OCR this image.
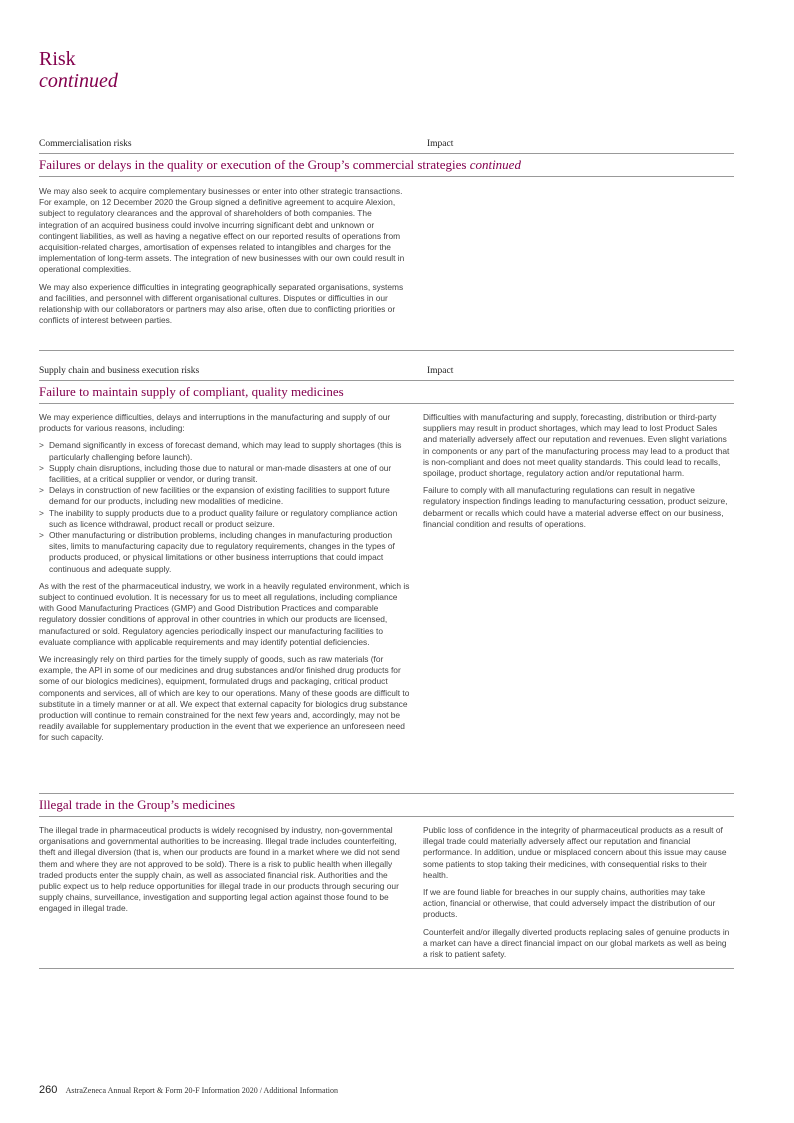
Risk
continued
Commercialisation risks	Impact
Failures or delays in the quality or execution of the Group’s commercial strategies continued

We may also seek to acquire complementary businesses or enter into other strategic transactions. For example, on 12 December 2020 the Group signed a definitive agreement to acquire Alexion, subject to regulatory clearances and the approval of shareholders of both companies. The integration of an acquired business could involve incurring significant debt and unknown or contingent liabilities, as well as having a negative effect on our reported results of operations from acquisition-related charges, amortisation of expenses related to intangibles and charges for the implementation of long-term assets. The integration of new businesses with our own could result in operational complexities.

We may also experience difficulties in integrating geographically separated organisations, systems and facilities, and personnel with different organisational cultures. Disputes or difficulties in our relationship with our collaborators or partners may also arise, often due to conflicting priorities or conflicts of interest between parties.

Supply chain and business execution risks	Impact
Failure to maintain supply of compliant, quality medicines

We may experience difficulties, delays and interruptions in the manufacturing and supply of our products for various reasons, including:

> Demand significantly in excess of forecast demand, which may lead to supply shortages (this is particularly challenging before launch).
> Supply chain disruptions, including those due to natural or man-made disasters at one of our facilities, at a critical supplier or vendor, or during transit.
> Delays in construction of new facilities or the expansion of existing facilities to support future demand for our products, including new modalities of medicine.
> The inability to supply products due to a product quality failure or regulatory compliance action such as licence withdrawal, product recall or product seizure.
> Other manufacturing or distribution problems, including changes in manufacturing production sites, limits to manufacturing capacity due to regulatory requirements, changes in the types of products produced, or physical limitations or other business interruptions that could impact continuous and adequate supply.

As with the rest of the pharmaceutical industry, we work in a heavily regulated environment, which is subject to continued evolution. It is necessary for us to meet all regulations, including compliance with Good Manufacturing Practices (GMP) and Good Distribution Practices and comparable regulatory dossier conditions of approval in other countries in which our products are licensed, manufactured or sold. Regulatory agencies periodically inspect our manufacturing facilities to evaluate compliance with applicable requirements and may identify potential deficiencies.

We increasingly rely on third parties for the timely supply of goods, such as raw materials (for example, the API in some of our medicines and drug substances and/or finished drug products for some of our biologics medicines), equipment, formulated drugs and packaging, critical product components and services, all of which are key to our operations. Many of these goods are difficult to substitute in a timely manner or at all. We expect that external capacity for biologics drug substance production will continue to remain constrained for the next few years and, accordingly, may not be readily available for supplementary production in the event that we experience an unforeseen need for such capacity.

Difficulties with manufacturing and supply, forecasting, distribution or third-party suppliers may result in product shortages, which may lead to lost Product Sales and materially adversely affect our reputation and revenues. Even slight variations in components or any part of the manufacturing process may lead to a product that is non-compliant and does not meet quality standards. This could lead to recalls, spoilage, product shortage, regulatory action and/or reputational harm.

Failure to comply with all manufacturing regulations can result in negative regulatory inspection findings leading to manufacturing cessation, product seizure, debarment or recalls which could have a material adverse effect on our business, financial condition and results of operations.

Illegal trade in the Group’s medicines

The illegal trade in pharmaceutical products is widely recognised by industry, non-governmental organisations and governmental authorities to be increasing. Illegal trade includes counterfeiting, theft and illegal diversion (that is, when our products are found in a market where we did not send them and where they are not approved to be sold). There is a risk to public health when illegally traded products enter the supply chain, as well as associated financial risk. Authorities and the public expect us to help reduce opportunities for illegal trade in our products through securing our supply chains, surveillance, investigation and supporting legal action against those found to be engaged in illegal trade.

Public loss of confidence in the integrity of pharmaceutical products as a result of illegal trade could materially adversely affect our reputation and financial performance. In addition, undue or misplaced concern about this issue may cause some patients to stop taking their medicines, with consequential risks to their health.

If we are found liable for breaches in our supply chains, authorities may take action, financial or otherwise, that could adversely impact the distribution of our products.

Counterfeit and/or illegally diverted products replacing sales of genuine products in a market can have a direct financial impact on our global markets as well as being a risk to patient safety.

260 AstraZeneca Annual Report & Form 20-F Information 2020 / Additional Information
